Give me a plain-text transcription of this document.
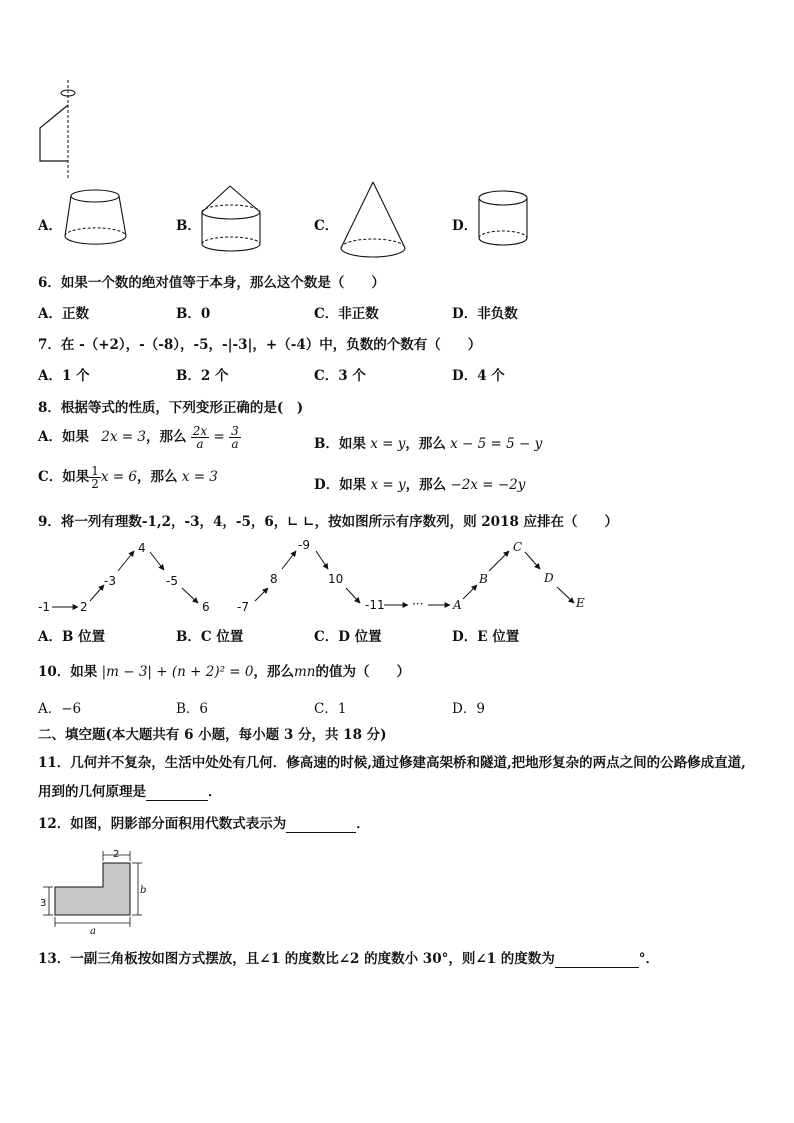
A．	B．	C．	D．
6．如果一个数的绝对值等于本身，那么这个数是（　　）
A．正数	B．0	C．非正数	D．非负数
7．在 -（+2），-（-8），-5，-|-3|，+（-4）中，负数的个数有（　　）
A．1 个	B．2 个	C．3 个	D．4 个
8．根据等式的性质，下列变形正确的是(　)
A．如果 2x = 3，那么 $\frac{2x}{a} = \frac{3}{a}$	B．如果 x = y，那么 x − 5 = 5 − y
C．如果 $\frac{1}{2}$ x = 6，那么 x = 3	D．如果 x = y，那么 −2x = −2y
9．将一列有理数-1,2，-3，4，-5，6，∟ ∟，按如图所示有序数列，则 2018 应排在（　　）
-1	2
-3
4
-5
6 -7
8
-9
10
-11 ··· A
B
C
D
E
A．B 位置	B．C 位置	C．D 位置	D．E 位置
10．如果 |m − 3| + (n + 2)² = 0，那么mn的值为（　　）
A．−6	B．6	C．1	D．9
二、填空题(本大题共有 6 小题，每小题 3 分，共 18 分)
11．几何并不复杂，生活中处处有几何．修高速的时候,通过修建高架桥和隧道,把地形复杂的两点之间的公路修成直道,
用到的几何原理是	．
12．如图，阴影部分面积用代数式表示为	．
2
b
3
a
13．一副三角板按如图方式摆放，且∠1 的度数比∠2 的度数小 30°，则∠1 的度数为	°．
